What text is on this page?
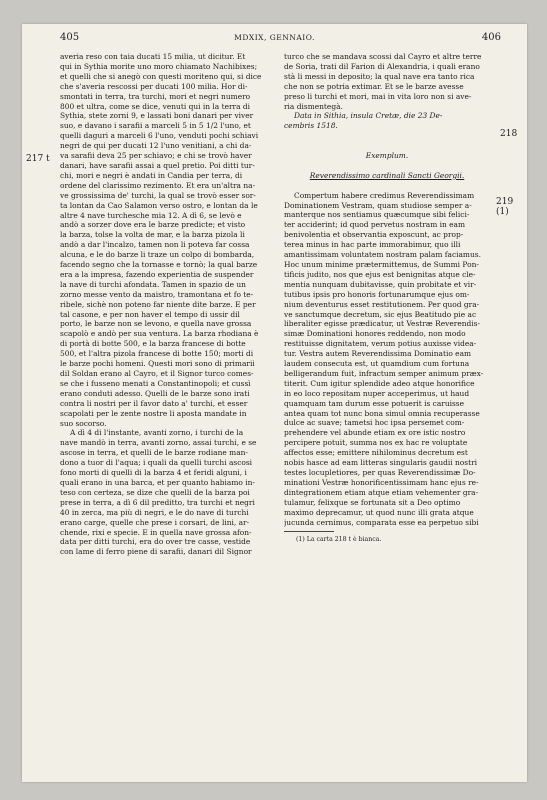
405	MDXIX, GENNAIO.	406
217 t
218
219 (1)
averia reso con taia ducati 15 milia, ut dicitur. Et
qui in Sythia morite uno moro chiamato Nachibixes;
et quelli che si anegò con questi moriteno qui, si dice
che s'averia rescossi per ducati 100 milia. Hor di-
smontati in terra, tra turchi, mori et negri numero
800 et ultra, come se dice, venuti qui in la terra di
Sythia, stete zorni 9, e lassati boni danari per viver
suo, e davano i sarafii a marceli 5 in 5 1/2 l'uno, et
quelli daguri a marceli 6 l'uno, venduti pochi schiavi
negri de qui per ducati 12 l'uno venitiani, a chi da-
va sarafii deva 25 per schiavo; e chi se trovò haver
danari, have sarafii assai a quel pretio. Poi ditti tur-
chi, mori e negri è andati in Candia per terra, di
ordene del clarissimo rezimento. Et era un'altra na-
ve grossissima de' turchi, la qual se trovò esser sor-
ta lontan da Cao Salamon verso ostro, e lontan da le
altre 4 nave turchesche mia 12. A dì 6, se levò e
andò a sorzer dove era le barze predicte; et visto
la barza, tolse la volta de mar, e la barza pizola li
andò a dar l'incalzo, tamen non li poteva far cossa
alcuna, e le do barze li traze un colpo di bombarda,
facendo segno che la tornasse e tornò; la qual barze
era a la impresa, fazendo experientia de suspender
la nave di turchi afondata. Tamen in spazio de un
zorno messe vento da maistro, tramontana et fo te-
ribele, sichè non poteno far niente dite barze. E per
tal casone, e per non haver el tempo di ussir dil
porto, le barze non se levono, e quella nave grossa
scapolò e andò per sua ventura. La barza rhodiana è
di portà di botte 500, e la barza francese di botte
500, et l'altra pizola francese di botte 150; morti di
le barze pochi homeni. Questi mori sono di primarii
dil Soldan erano al Cayro, et il Signor turco comes-
se che i fusseno menati a Constantinopoli; et cussì
erano conduti adesso. Quelli de le barze sono irati
contra li nostri per il favor dato a' turchi, et esser
scapolati per le zente nostre li aposta mandate in
suo socorso.
A dì 4 di l'instante, avanti zorno, i turchi de la
nave mandò in terra, avanti zorno, assai turchi, e se
ascose in terra, et quelli de le barze rodiane man-
dono a tuor di l'aqua; i quali da quelli turchi ascosi
fono morti di quelli di la barza 4 et feridi alguni, i
quali erano in una barca, et per quanto habiamo in-
teso con certeza, se dize che quelli de la barza poi
prese in terra, a dì 6 dil preditto, tra turchi et negri
40 in zerca, ma più di negri, e le do nave di turchi
erano carge, quelle che prese i corsari, de lini, ar-
chende, rixi e specie. E in quella nave grossa afon-
data per ditti turchi, era do over tre casse, vestide
con lame di ferro piene di sarafii, danari dil Signor
turco che se mandava scossi dal Cayro et altre terre
de Soria, trati dil Farion di Alexandria, i quali erano
stà li messi in deposito; la qual nave era tanto rica
che non se potria extimar. Et se le barze avesse
preso li turchi et mori, mai in vita loro non si ave-
ria dismentegà.
Data in Sithia, insula Cretæ, die 23 De-
cembris 1518.
Exemplum.
Reverendissimo cardinali Sancti Georgii.
Compertum habere credimus Reverendissimam
Dominationem Vestram, quam studiose semper a-
manterque nos sentiamus quæcumque sibi felici-
ter acciderint; id quod pervetus nostram in eam
benivolentia et observantia exposcunt, ac prop-
terea minus in hac parte immorabimur, quo illi
amantissimam voluntatem nostram palam faciamus.
Hoc unum minime prætermittemus, de Summi Pon-
tificis judito, nos que ejus est benignitas atque cle-
mentia nunquam dubitavisse, quin probitate et vir-
tutibus ipsis pro honoris fortunarumque ejus om-
nium deventurus esset restitutionem. Per quod gra-
ve sanctumque decretum, sic ejus Beatitudo pie ac
liberaliter egisse prædicatur, ut Vestræ Reverendis-
simæ Dominationi honores reddendo, non modo
restituisse dignitatem, verum potius auxisse videa-
tur. Vestra autem Reverendissima Dominatio eam
laudem consecuta est, ut quamdium cum fortuna
belligerandum fuit, infractum semper animum præx-
titerit. Cum igitur splendide adeo atque honorifice
in eo loco repositam nuper acceperimus, ut haud
quamquam tam durum esse potuerit is caruisse
antea quam tot nunc bona simul omnia recuperasse
dulce ac suave; tametsi hoc ipsa persemet com-
prehendere vel abunde etiam ex ore istic nostro
percipere potuit, summa nos ex hac re voluptate
affectos esse; emittere nihilominus decretum est
nobis hasce ad eam litteras singularis gaudii nostri
testes locupletiores, per quas Reverendissimæ Do-
minationi Vestræ honorificentissimam hanc ejus re-
dintegrationem etiam atque etiam vehementer gra-
tulamur, felixque se fortunata sit a Deo optimo
maximo deprecamur, ut quod nunc illi grata atque
jucunda cernimus, comparata esse ea perpetuo sibi
(1) La carta 218 t è bianca.
